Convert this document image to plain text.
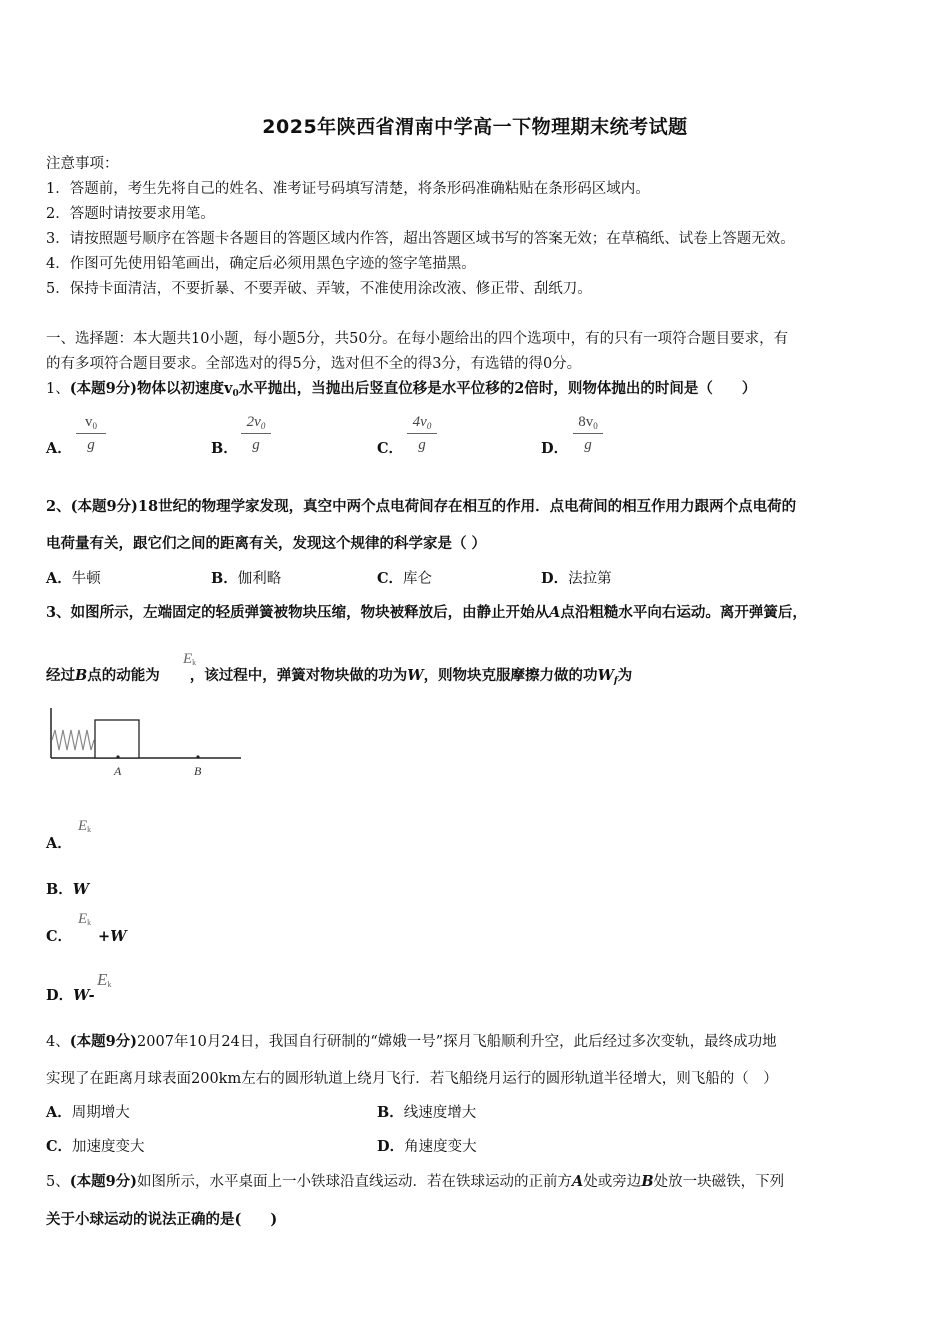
2025年陕西省渭南中学高一下物理期末统考试题
注意事项：
1．答题前，考生先将自己的姓名、准考证号码填写清楚，将条形码准确粘贴在条形码区域内。
2．答题时请按要求用笔。
3．请按照题号顺序在答题卡各题目的答题区域内作答，超出答题区域书写的答案无效；在草稿纸、试卷上答题无效。
4．作图可先使用铅笔画出，确定后必须用黑色字迹的签字笔描黑。
5．保持卡面清洁，不要折暴、不要弄破、弄皱，不准使用涂改液、修正带、刮纸刀。
一、选择题：本大题共10小题，每小题5分，共50分。在每小题给出的四个选项中，有的只有一项符合题目要求，有
的有多项符合题目要求。全部选对的得5分，选对但不全的得3分，有选错的得0分。
1、(本题9分)物体以初速度$v_0$水平抛出，当抛出后竖直位移是水平位移的2倍时，则物体抛出的时间是（　　）
A．
$v_0$
g	B．
$2v_0$
g	C．
$4v_0$
g	D．
$8v_0$
g
2、(本题9分)18世纪的物理学家发现，真空中两个点电荷间存在相互的作用．点电荷间的相互作用力跟两个点电荷的
电荷量有关，跟它们之间的距离有关，发现这个规律的科学家是（ ）
A．牛顿	B．伽利略	C．库仑	D．法拉第
3、如图所示，左端固定的轻质弹簧被物块压缩，物块被释放后，由静止开始从A点沿粗糙水平向右运动。离开弹簧后，
经过B点的动能为 ，该过程中，弹簧对物块做的功为W，则物块克服摩擦力做的功$W_f$为
$E_k$
A	B
A．
$E_k$
B．W
C． +W
$E_k$
D．W-
$E_k$
4、(本题9分)2007年10月24日，我国自行研制的“嫦娥一号”探月飞船顺利升空，此后经过多次变轨，最终成功地
实现了在距离月球表面200km左右的圆形轨道上绕月飞行．若飞船绕月运行的圆形轨道半径增大，则飞船的（　）
A．周期增大	B．线速度增大
C．加速度变大	D．角速度变大
5、(本题9分)如图所示，水平桌面上一小铁球沿直线运动．若在铁球运动的正前方A处或旁边B处放一块磁铁，下列
关于小球运动的说法正确的是(　　)
